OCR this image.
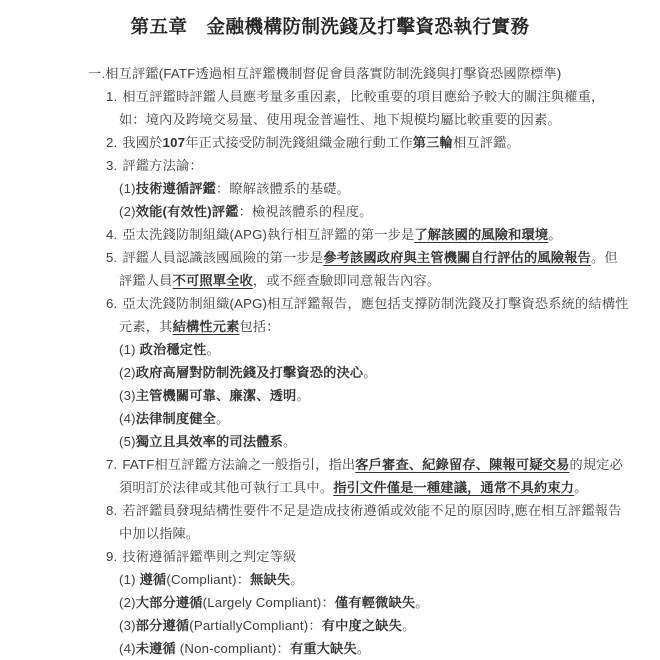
第五章　金融機構防制洗錢及打擊資恐執行實務
一.相互評鑑(FATF透過相互評鑑機制督促會員落實防制洗錢與打擊資恐國際標準)
1. 相互評鑑時評鑑人員應考量多重因素，比較重要的項目應給予較大的關注與權重，
如：境內及跨境交易量、使用現金普遍性、地下規模均屬比較重要的因素。
2. 我國於107年正式接受防制洗錢組織金融行動工作第三輪相互評鑑。
3. 評鑑方法論：
(1)技術遵循評鑑：瞭解該體系的基礎。
(2)效能(有效性)評鑑：檢視該體系的程度。
4. 亞太洗錢防制組織(APG)執行相互評鑑的第一步是了解該國的風險和環境。
5. 評鑑人員認識該國風險的第一步是參考該國政府與主管機關自行評估的風險報告。但
評鑑人員不可照單全收，或不經查驗即同意報告內容。
6. 亞太洗錢防制組織(APG)相互評鑑報告，應包括支撐防制洗錢及打擊資恐系統的結構性
元素，其結構性元素包括：
(1) 政治穩定性。
(2)政府高層對防制洗錢及打擊資恐的決心。
(3)主管機關可靠、廉潔、透明。
(4)法律制度健全。
(5)獨立且具效率的司法體系。
7. FATF相互評鑑方法論之一般指引，指出客戶審查、紀錄留存、陳報可疑交易的規定必
須明訂於法律或其他可執行工具中。指引文件僅是一種建議，通常不具約束力。
8. 若評鑑員發現結構性要件不足是造成技術遵循或效能不足的原因時,應在相互評鑑報告
中加以指陳。
9. 技術遵循評鑑準則之判定等級
(1) 遵循(Compliant)：無缺失。
(2)大部分遵循(Largely Compliant)：僅有輕微缺失。
(3)部分遵循(PartiallyCompliant)：有中度之缺失。
(4)未遵循 (Non-compliant)：有重大缺失。
